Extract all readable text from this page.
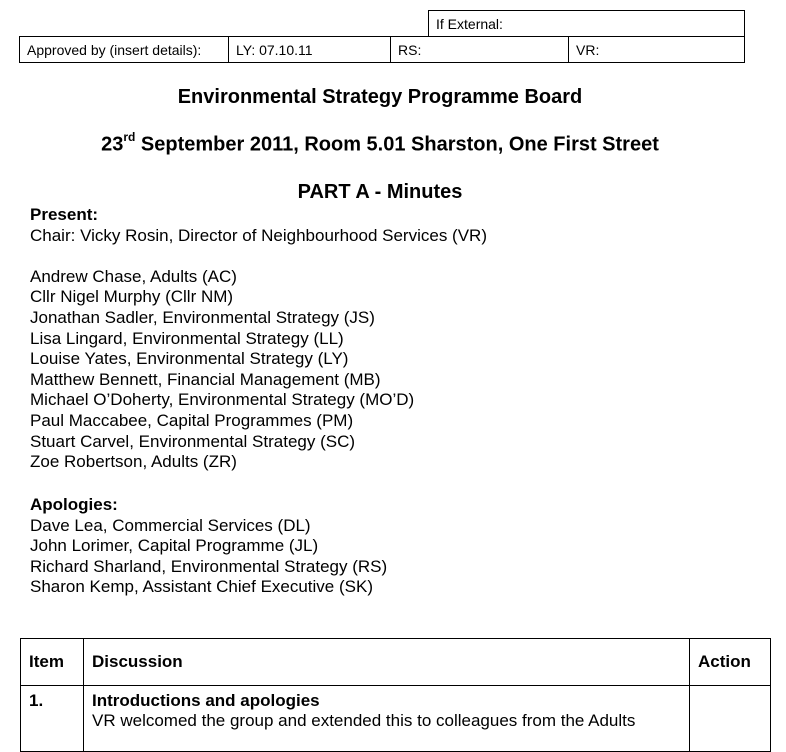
			If External:	
Approved by (insert details):	LY: 07.10.11	RS:		VR:
Environmental Strategy Programme Board
23rd September 2011, Room 5.01 Sharston, One First Street
PART A - Minutes
Present:
Chair: Vicky Rosin, Director of Neighbourhood Services (VR)

Andrew Chase, Adults (AC)
Cllr Nigel Murphy (Cllr NM)
Jonathan Sadler, Environmental Strategy (JS)
Lisa Lingard, Environmental Strategy (LL)
Louise Yates, Environmental Strategy (LY)
Matthew Bennett, Financial Management (MB)
Michael O’Doherty, Environmental Strategy (MO’D)
Paul Maccabee, Capital Programmes (PM)
Stuart Carvel, Environmental Strategy (SC)
Zoe Robertson, Adults (ZR)
Apologies:
Dave Lea, Commercial Services (DL)
John Lorimer, Capital Programme (JL)
Richard Sharland, Environmental Strategy (RS)
Sharon Kemp, Assistant Chief Executive (SK)
Item	Discussion	Action
1.	Introductions and apologies
VR welcomed the group and extended this to colleagues from the Adults	
